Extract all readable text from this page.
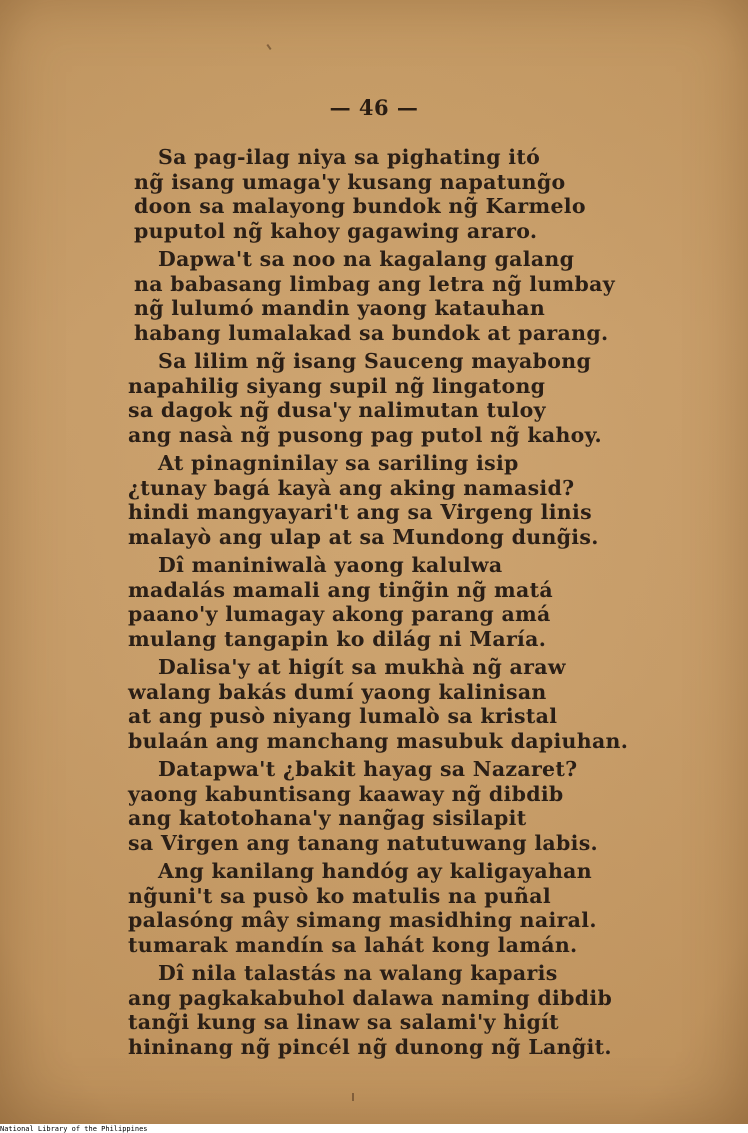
— 46 —
Sa pag-ilag niya sa pighating itó
ng̃ isang umaga'y kusang napatung̃o
doon sa malayong bundok ng̃ Karmelo
puputol ng̃ kahoy gagawing araro.
Dapwa't sa noo na kagalang galang
na babasang limbag ang letra ng̃ lumbay
ng̃ lulumó mandin yaong katauhan
habang lumalakad sa bundok at parang.
Sa lilim ng̃ isang Sauceng mayabong
napahilig siyang supil ng̃ lingatong
sa dagok ng̃ dusa'y nalimutan tuloy
ang nasà ng̃ pusong pag putol ng̃ kahoy.
At pinagninilay sa sariling isip
¿tunay bagá kayà ang aking namasid?
hindi mangyayari't ang sa Virgeng linis
malayò ang ulap at sa Mundong dung̃is.
Dî maniniwalà yaong kalulwa
madalás mamali ang ting̃in ng̃ matá
paano'y lumagay akong parang amá
mulang tangapin ko dilág ni María.
Dalisa'y at higít sa mukhà ng̃ araw
walang bakás dumí yaong kalinisan
at ang pusò niyang lumalò sa kristal
bulaán ang manchang masubuk dapiuhan.
Datapwa't ¿bakit hayag sa Nazaret?
yaong kabuntisang kaaway ng̃ dibdib
ang katotohana'y nang̃ag sisilapit
sa Virgen ang tanang natutuwang labis.
Ang kanilang handóg ay kaligayahan
ng̃uni't sa pusò ko matulis na puñal
palasóng mây simang masidhing nairal.
tumarak mandín sa lahát kong lamán.
Dî nila talastás na walang kaparis
ang pagkakabuhol dalawa naming dibdib
tang̃i kung sa linaw sa salami'y higít
hininang ng̃ pincél ng̃ dunong ng̃ Lang̃it.
National Library of the Philippines
